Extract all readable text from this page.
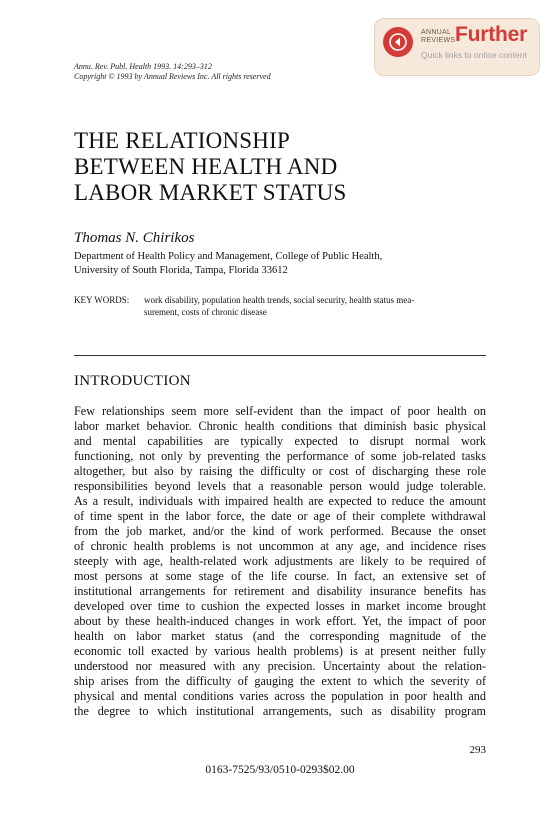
ANNUAL
REVIEWS Further
Quick links to online content
Annu. Rev. Publ. Health 1993. 14:293–312
Copyright © 1993 by Annual Reviews Inc. All rights reserved
THE RELATIONSHIP
BETWEEN HEALTH AND
LABOR MARKET STATUS
Thomas N. Chirikos
Department of Health Policy and Management, College of Public Health,
University of South Florida, Tampa, Florida 33612
KEY WORDS: work disability, population health trends, social security, health status mea-
surement, costs of chronic disease
INTRODUCTION
Few relationships seem more self-evident than the impact of poor health on
labor market behavior. Chronic health conditions that diminish basic physical
and mental capabilities are typically expected to disrupt normal work
functioning, not only by preventing the performance of some job-related tasks
altogether, but also by raising the difficulty or cost of discharging these role
responsibilities beyond levels that a reasonable person would judge tolerable.
As a result, individuals with impaired health are expected to reduce the amount
of time spent in the labor force, the date or age of their complete withdrawal
from the job market, and/or the kind of work performed. Because the onset
of chronic health problems is not uncommon at any age, and incidence rises
steeply with age, health-related work adjustments are likely to be required of
most persons at some stage of the life course. In fact, an extensive set of
institutional arrangements for retirement and disability insurance benefits has
developed over time to cushion the expected losses in market income brought
about by these health-induced changes in work effort. Yet, the impact of poor
health on labor market status (and the corresponding magnitude of the
economic toll exacted by various health problems) is at present neither fully
understood nor measured with any precision. Uncertainty about the relation-
ship arises from the difficulty of gauging the extent to which the severity of
physical and mental conditions varies across the population in poor health and
the degree to which institutional arrangements, such as disability program
293
0163-7525/93/0510-0293$02.00
